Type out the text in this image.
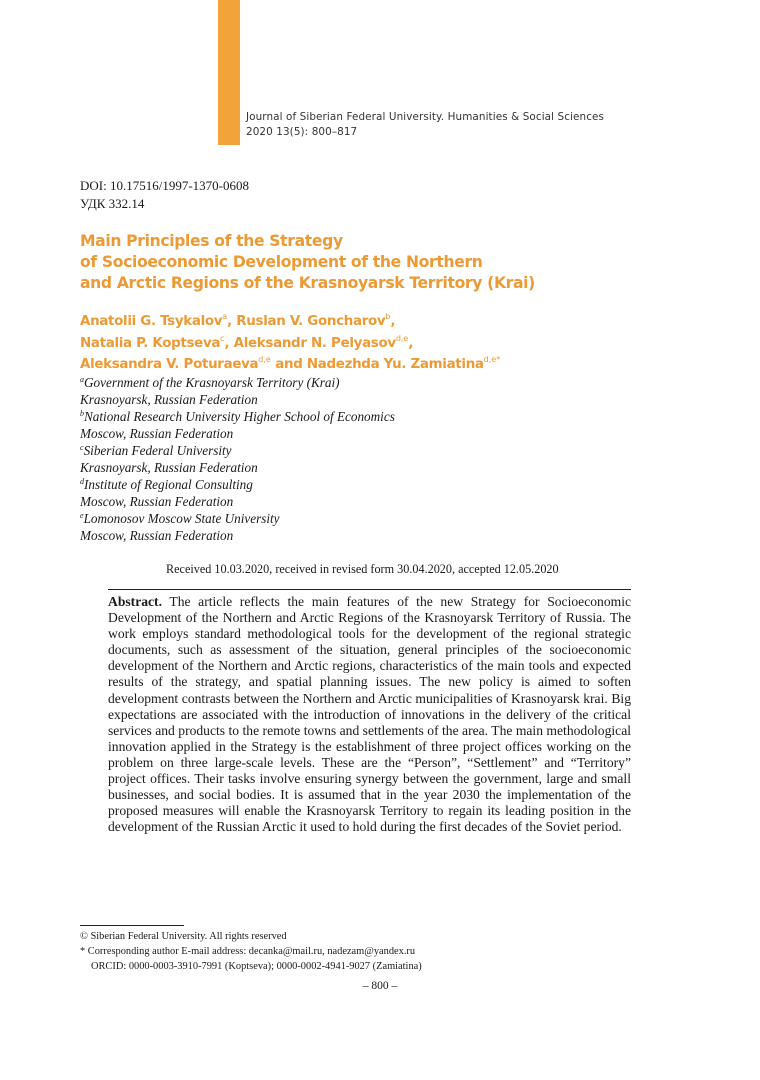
Journal of Siberian Federal University. Humanities & Social Sciences
2020 13(5): 800–817
DOI: 10.17516/1997-1370-0608
УДК 332.14
Main Principles of the Strategy
of Socioeconomic Development of the Northern
and Arctic Regions of the Krasnoyarsk Territory (Krai)
Anatolii G. Tsykalov$^a$, Ruslan V. Goncharov$^b$,
Natalia P. Koptseva$^c$, Aleksandr N. Pelyasov$^{d,e}$,
Aleksandra V. Poturaeva$^{d,e}$ and Nadezhda Yu. Zamiatina$^{d,e*}$
$^a$Government of the Krasnoyarsk Territory (Krai)
Krasnoyarsk, Russian Federation
$^b$National Research University Higher School of Economics
Moscow, Russian Federation
$^c$Siberian Federal University
Krasnoyarsk, Russian Federation
$^d$Institute of Regional Consulting
Moscow, Russian Federation
$^e$Lomonosov Moscow State University
Moscow, Russian Federation
Received 10.03.2020, received in revised form 30.04.2020, accepted 12.05.2020
Abstract. The article reflects the main features of the new Strategy for Socioeconomic Development of the Northern and Arctic Regions of the Krasnoyarsk Territory of Russia. The work employs standard methodological tools for the development of the regional strategic documents, such as assessment of the situation, general principles of the socioeconomic development of the Northern and Arctic regions, characteristics of the main tools and expected results of the strategy, and spatial planning issues. The new policy is aimed to soften development contrasts between the Northern and Arctic municipalities of Krasnoyarsk krai. Big expectations are associated with the introduction of innovations in the delivery of the critical services and products to the remote towns and settlements of the area. The main methodological innovation applied in the Strategy is the establishment of three project offices working on the problem on three large-scale levels. These are the “Person”, “Settlement” and “Territory” project offices. Their tasks involve ensuring synergy between the government, large and small businesses, and social bodies. It is assumed that in the year 2030 the implementation of the proposed measures will enable the Krasnoyarsk Territory to regain its leading position in the development of the Russian Arctic it used to hold during the first decades of the Soviet period.
© Siberian Federal University. All rights reserved
* Corresponding author E-mail address: decanka@mail.ru, nadezam@yandex.ru
ORCID: 0000-0003-3910-7991 (Koptseva); 0000-0002-4941-9027 (Zamiatina)
– 800 –
